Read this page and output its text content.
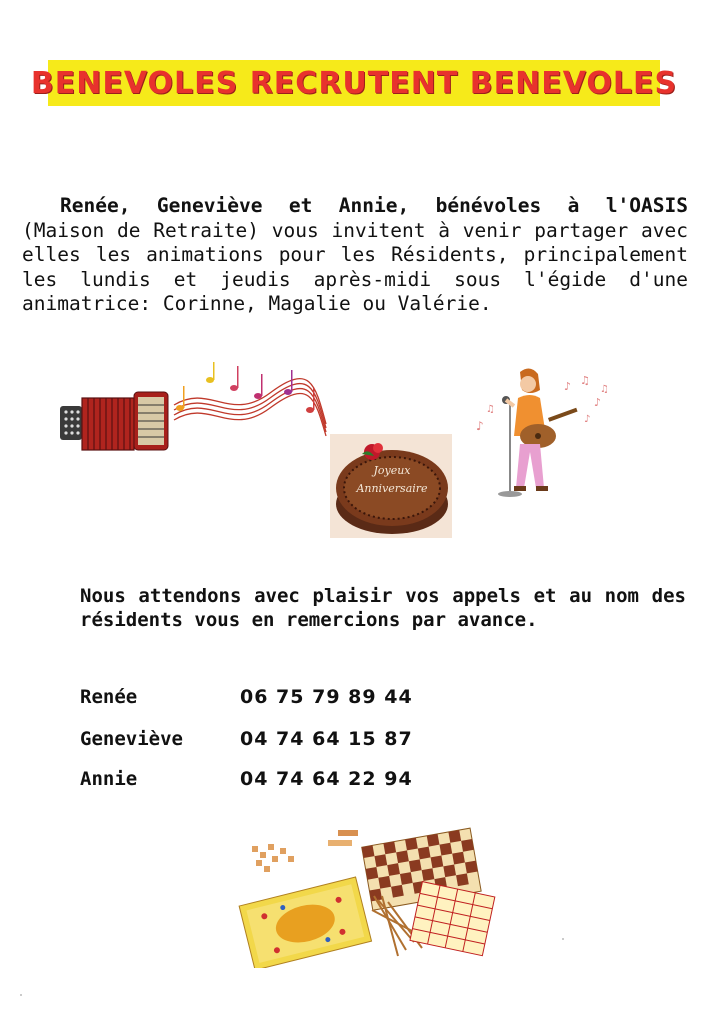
BENEVOLES RECRUTENT BENEVOLES

Renée, Geneviève et Annie, bénévoles à l'OASIS (Maison de Retraite) vous invitent à venir partager avec elles les animations pour les Résidents, principalement les lundis et jeudis après-midi sous l'égide d'une animatrice: Corinne, Magalie ou Valérie.

Joyeux
Anniversaire
♪
♫
♪ ♫
♪
♫
♪

Nous attendons avec plaisir vos appels et au nom des résidents vous en remercions par avance.

Renée	06 75 79 89 44
Geneviève	04 74 64 15 87
Annie	04 74 64 22 94
